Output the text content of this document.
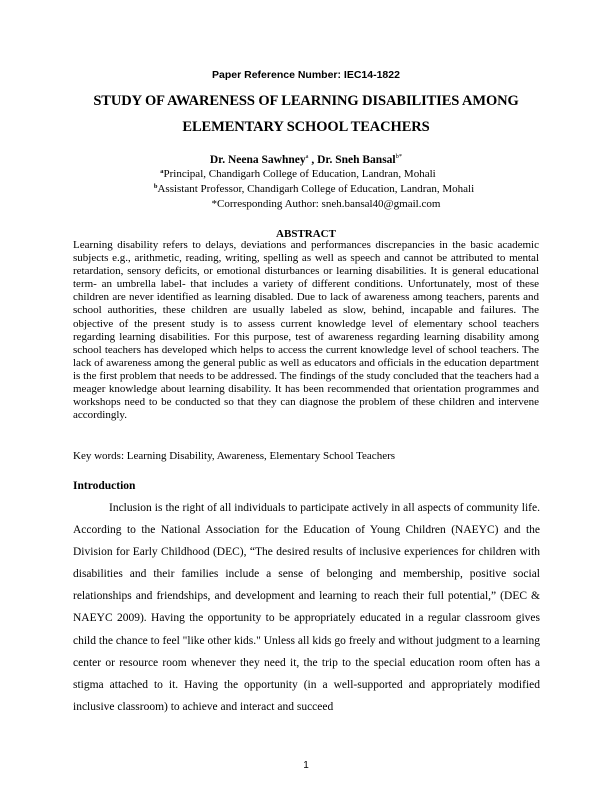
Paper Reference Number: IEC14-1822
STUDY OF AWARENESS OF LEARNING DISABILITIES AMONG
ELEMENTARY SCHOOL TEACHERS
Dr. Neena Sawhney$^a$ , Dr. Sneh Bansal$^{b*}$
$^a$Principal, Chandigarh College of Education, Landran, Mohali
$^b$Assistant Professor, Chandigarh College of Education, Landran, Mohali
*Corresponding Author: sneh.bansal40@gmail.com
ABSTRACT
Learning disability refers to delays, deviations and performances discrepancies in the basic academic subjects e.g., arithmetic, reading, writing, spelling as well as speech and cannot be attributed to mental retardation, sensory deficits, or emotional disturbances or learning disabilities. It is general educational term- an umbrella label- that includes a variety of different conditions. Unfortunately, most of these children are never identified as learning disabled. Due to lack of awareness among teachers, parents and school authorities, these children are usually labeled as slow, behind, incapable and failures. The objective of the present study is to assess current knowledge level of elementary school teachers regarding learning disabilities. For this purpose, test of awareness regarding learning disability among school teachers has developed which helps to access the current knowledge level of school teachers. The lack of awareness among the general public as well as educators and officials in the education department is the first problem that needs to be addressed. The findings of the study concluded that the teachers had a meager knowledge about learning disability. It has been recommended that orientation programmes and workshops need to be conducted so that they can diagnose the problem of these children and intervene accordingly.
Key words: Learning Disability, Awareness, Elementary School Teachers
Introduction
Inclusion is the right of all individuals to participate actively in all aspects of community life. According to the National Association for the Education of Young Children (NAEYC) and the Division for Early Childhood (DEC), “The desired results of inclusive experiences for children with disabilities and their families include a sense of belonging and membership, positive social relationships and friendships, and development and learning to reach their full potential,” (DEC & NAEYC 2009). Having the opportunity to be appropriately educated in a regular classroom gives child the chance to feel "like other kids." Unless all kids go freely and without judgment to a learning center or resource room whenever they need it, the trip to the special education room often has a stigma attached to it. Having the opportunity (in a well-supported and appropriately modified inclusive classroom) to achieve and interact and succeed
1
